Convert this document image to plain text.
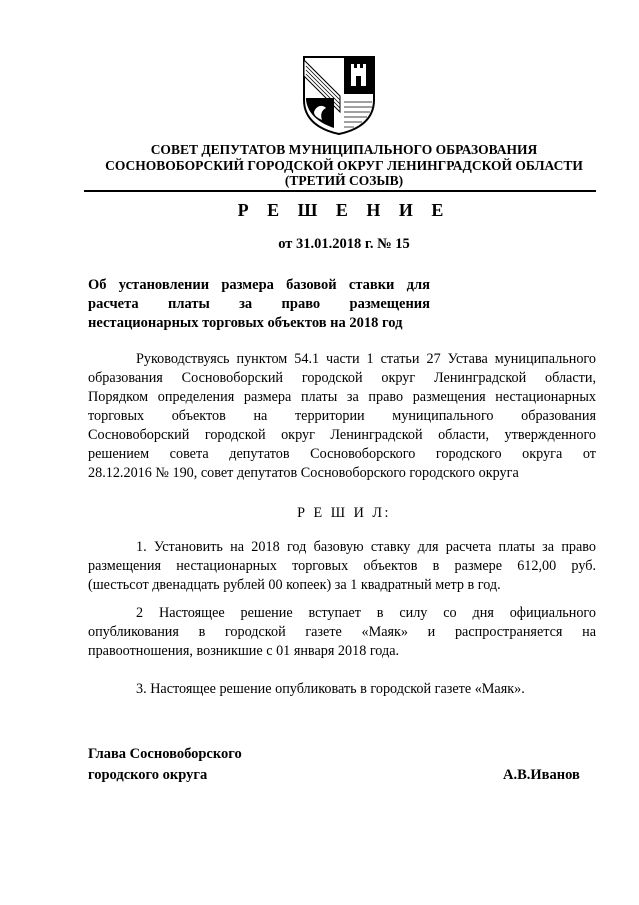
СОВЕТ ДЕПУТАТОВ МУНИЦИПАЛЬНОГО ОБРАЗОВАНИЯ
СОСНОВОБОРСКИЙ ГОРОДСКОЙ ОКРУГ ЛЕНИНГРАДСКОЙ ОБЛАСТИ
(ТРЕТИЙ СОЗЫВ)
Р Е Ш Е Н И Е
от 31.01.2018 г. № 15
Об установлении размера базовой ставки для
расчета платы за право размещения
нестационарных торговых объектов на 2018 год
Руководствуясь пунктом 54.1 части 1 статьи 27 Устава муниципального
образования Сосновоборский городской округ Ленинградской области,
Порядком определения размера платы за право размещения нестационарных
торговых объектов на территории муниципального образования
Сосновоборский городской округ Ленинградской области, утвержденного
решением совета депутатов Сосновоборского городского округа от
28.12.2016 № 190, совет депутатов Сосновоборского городского округа
Р Е Ш И Л:
1. Установить на 2018 год базовую ставку для расчета платы за право
размещения нестационарных торговых объектов в размере 612,00 руб.
(шестьсот двенадцать рублей 00 копеек) за 1 квадратный метр в год.
2 Настоящее решение вступает в силу со дня официального
опубликования в городской газете «Маяк» и распространяется на
правоотношения, возникшие с 01 января 2018 года.
3. Настоящее решение опубликовать в городской газете «Маяк».
Глава Сосновоборского
городского округа	А.В.Иванов
